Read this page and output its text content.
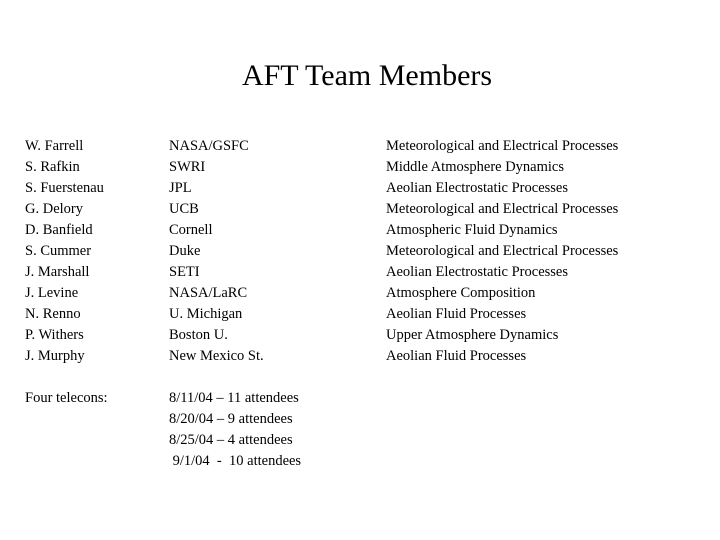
AFT Team Members
W. Farrell
S. Rafkin
S. Fuerstenau
G. Delory
D. Banfield
S. Cummer
J. Marshall
J. Levine
N. Renno
P. Withers
J. Murphy
NASA/GSFC
SWRI
JPL
UCB
Cornell
Duke
SETI
NASA/LaRC
U. Michigan
Boston U.
New Mexico St.
Meteorological and Electrical Processes
Middle Atmosphere Dynamics
Aeolian Electrostatic Processes
Meteorological and Electrical Processes
Atmospheric Fluid Dynamics
Meteorological and Electrical Processes
Aeolian Electrostatic Processes
Atmosphere Composition
Aeolian Fluid Processes
Upper Atmosphere Dynamics
Aeolian Fluid Processes
Four telecons:	8/11/04 – 11 attendees
8/20/04 – 9 attendees
8/25/04 – 4 attendees
9/1/04  -  10 attendees
